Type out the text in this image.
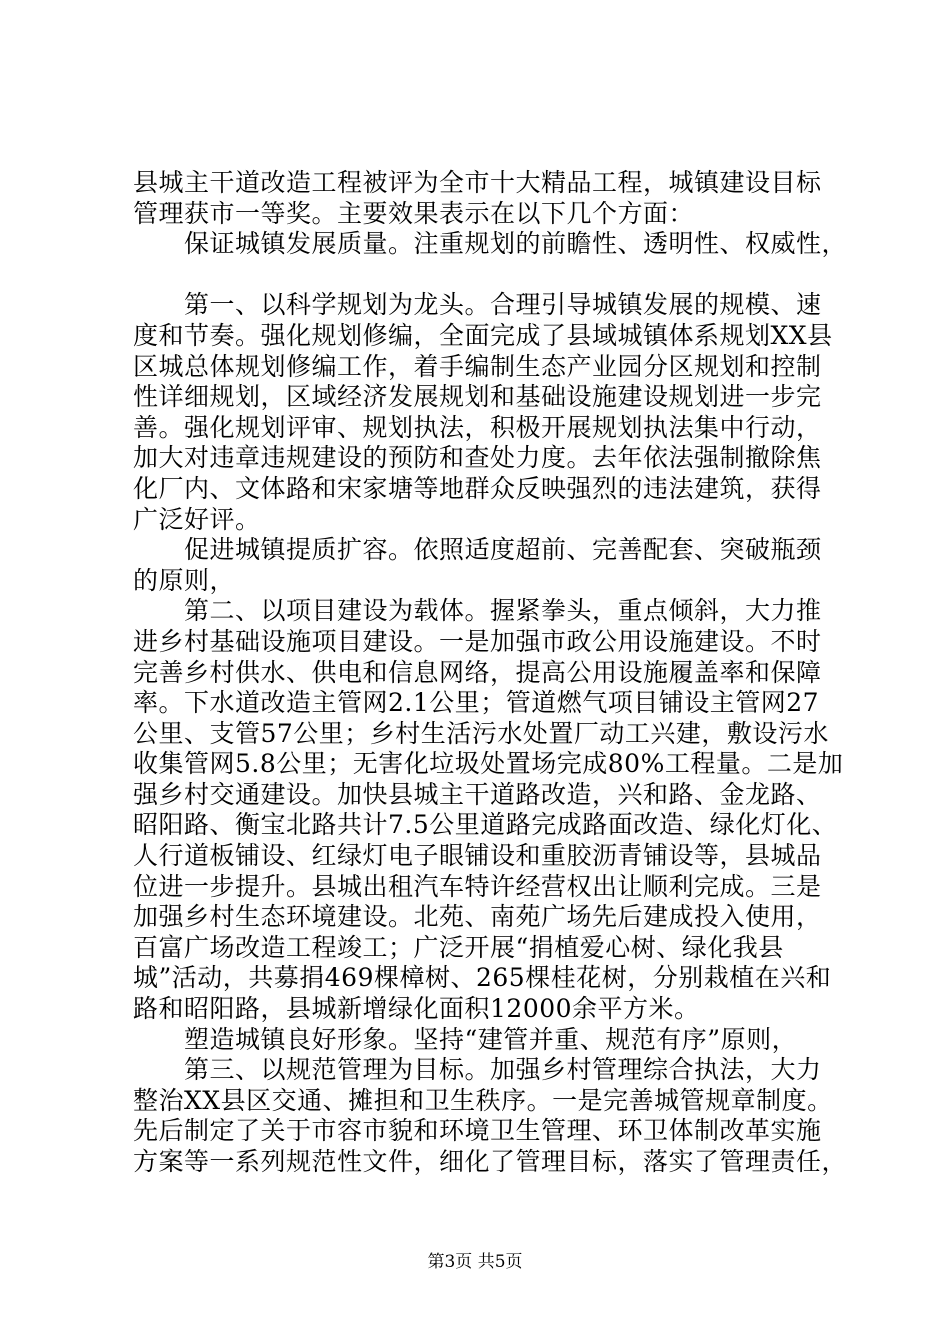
县城主干道改造工程被评为全市十大精品工程，城镇建设目标
管理获市一等奖。主要效果表示在以下几个方面：
　　保证城镇发展质量。注重规划的前瞻性、透明性、权威性，
　　第一、以科学规划为龙头。合理引导城镇发展的规模、速
度和节奏。强化规划修编，全面完成了县域城镇体系规划XX县
区城总体规划修编工作，着手编制生态产业园分区规划和控制
性详细规划，区域经济发展规划和基础设施建设规划进一步完
善。强化规划评审、规划执法，积极开展规划执法集中行动，
加大对违章违规建设的预防和查处力度。去年依法强制撤除焦
化厂内、文体路和宋家塘等地群众反映强烈的违法建筑，获得
广泛好评。
　　促进城镇提质扩容。依照适度超前、完善配套、突破瓶颈
的原则，
　　第二、以项目建设为载体。握紧拳头，重点倾斜，大力推
进乡村基础设施项目建设。一是加强市政公用设施建设。不时
完善乡村供水、供电和信息网络，提高公用设施履盖率和保障
率。下水道改造主管网2.1公里；管道燃气项目铺设主管网27
公里、支管57公里；乡村生活污水处置厂动工兴建，敷设污水
收集管网5.8公里；无害化垃圾处置场完成80%工程量。二是加
强乡村交通建设。加快县城主干道路改造，兴和路、金龙路、
昭阳路、衡宝北路共计7.5公里道路完成路面改造、绿化灯化、
人行道板铺设、红绿灯电子眼铺设和重胶沥青铺设等，县城品
位进一步提升。县城出租汽车特许经营权出让顺利完成。三是
加强乡村生态环境建设。北苑、南苑广场先后建成投入使用，
百富广场改造工程竣工；广泛开展“捐植爱心树、绿化我县
城”活动，共募捐469棵樟树、265棵桂花树，分别栽植在兴和
路和昭阳路，县城新增绿化面积12000余平方米。
　　塑造城镇良好形象。坚持“建管并重、规范有序”原则，
　　第三、以规范管理为目标。加强乡村管理综合执法，大力
整治XX县区交通、摊担和卫生秩序。一是完善城管规章制度。
先后制定了关于市容市貌和环境卫生管理、环卫体制改革实施
方案等一系列规范性文件，细化了管理目标，落实了管理责任，
第3页 共5页
